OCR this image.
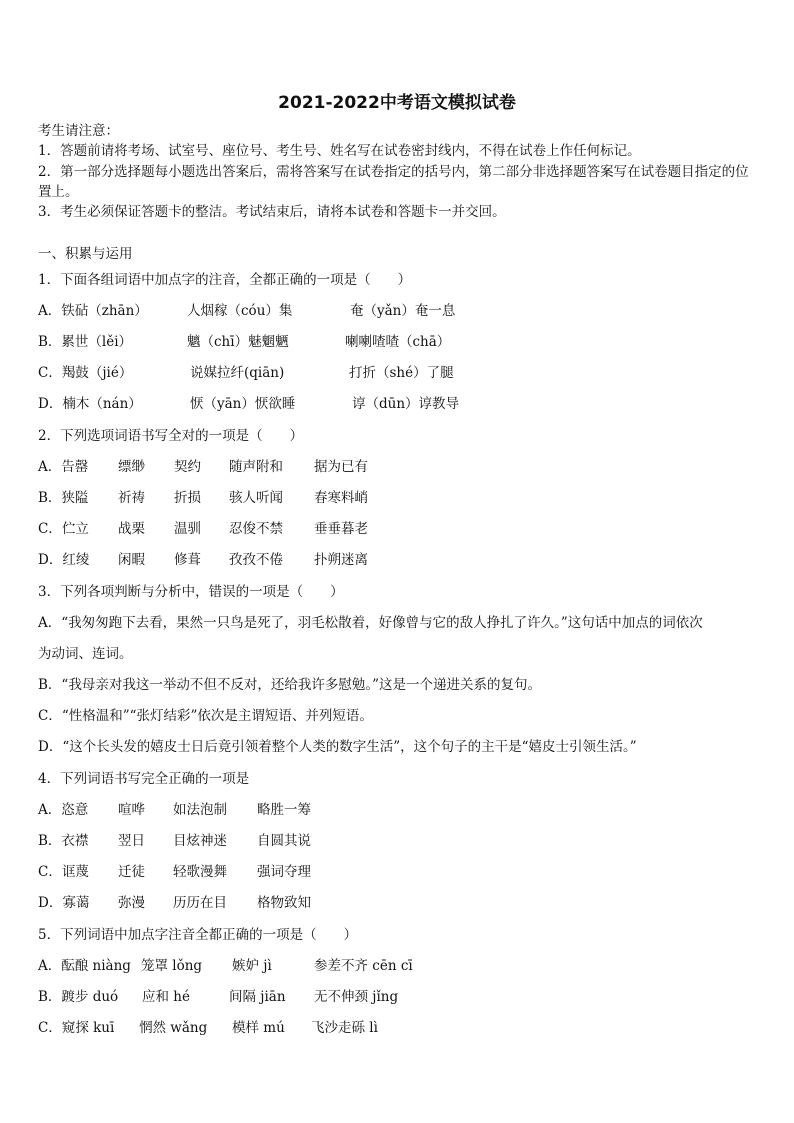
2021-2022中考语文模拟试卷
考生请注意：
1．答题前请将考场、试室号、座位号、考生号、姓名写在试卷密封线内，不得在试卷上作任何标记。
2．第一部分选择题每小题选出答案后，需将答案写在试卷指定的括号内，第二部分非选择题答案写在试卷题目指定的位置上。
3．考生必须保证答题卡的整洁。考试结束后，请将本试卷和答题卡一并交回。
一、积累与运用
1．下面各组词语中加点字的注音，全都正确的一项是（　　）
A．铁砧（zhān）	人烟稼（cóu）集	奄（yǎn）奄一息
B．累世（lěi）	魑（chī）魅魍魉	喇喇喳喳（chā）
C．羯鼓（jié）	说媒拉纤(qiān)	打折（shé）了腿
D．楠木（nán）	恹（yān）恹欲睡	谆（dūn）谆教导
2．下列选项词语书写全对的一项是（　　）
A．告罄 缥缈 契约 随声附和 据为已有
B．狭隘 祈祷 折损 骇人听闻 春寒料峭
C．伫立 战栗 温驯 忍俊不禁 垂垂暮老
D．红绫 闲暇 修葺 孜孜不倦 扑朔迷离
3．下列各项判断与分析中，错误的一项是（　　）
A．“我匆匆跑下去看，果然一只鸟是死了，羽毛松散着，好像曾与它的敌人挣扎了许久。”这句话中加点的词依次
为动词、连词。
B．“我母亲对我这一举动不但不反对，还给我许多慰勉。”这是一个递进关系的复句。
C．“性格温和”“张灯结彩”依次是主谓短语、并列短语。
D．“这个长头发的嬉皮士日后竟引领着整个人类的数字生活”，这个句子的主干是“嬉皮士引领生活。”
4．下列词语书写完全正确的一项是
A．恣意 喧哗 如法泡制 略胜一筹
B．衣襟 翌日 目炫神迷 自圆其说
C．诓蔑 迁徒 轻歌漫舞 强词夺理
D．寡蔼 弥漫 历历在目 格物致知
5．下列词语中加点字注音全都正确的一项是（　　）
A．酝酿 niàng 笼罩 lǒng 嫉妒 jì	参差不齐 cēn cī
B．踱步 duó 应和 hé	间隔 jiān 无不伸颈 jǐng
C．窥探 kuī 惘然 wǎng 模样 mú 飞沙走砾 lì
